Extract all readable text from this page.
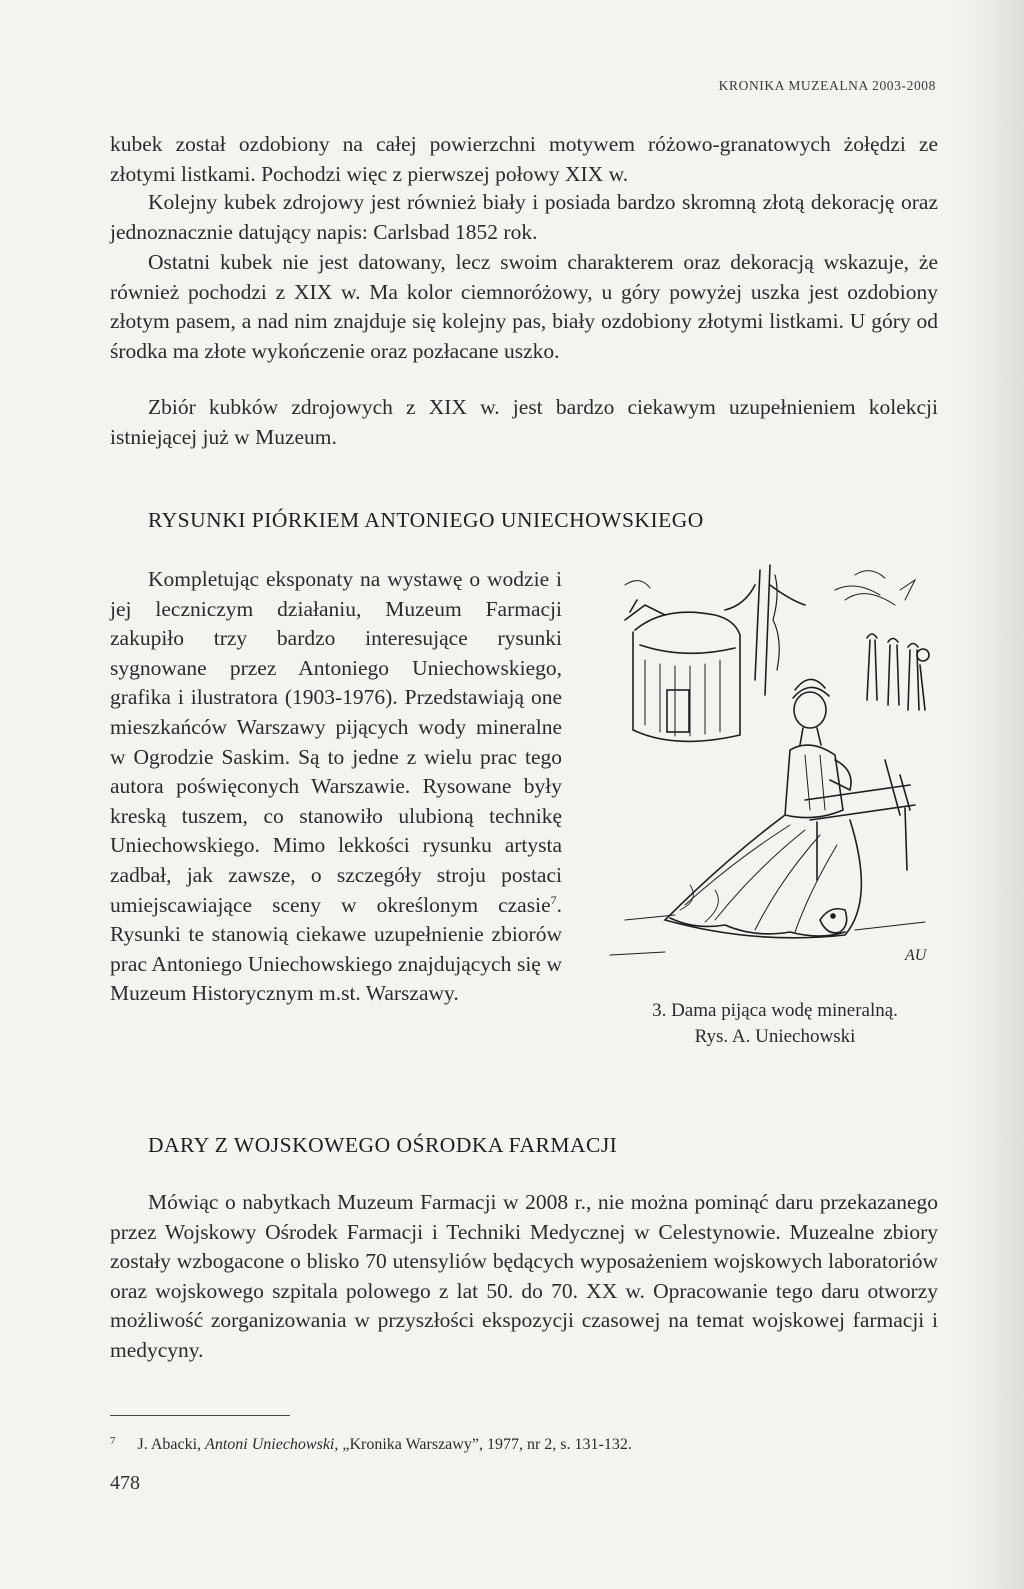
KRONIKA MUZEALNA 2003-2008

kubek został ozdobiony na całej powierzchni motywem różowo-granatowych żołędzi ze złotymi listkami. Pochodzi więc z pierwszej połowy XIX w.

Kolejny kubek zdrojowy jest również biały i posiada bardzo skromną złotą dekorację oraz jednoznacznie datujący napis: Carlsbad 1852 rok.

Ostatni kubek nie jest datowany, lecz swoim charakterem oraz dekoracją wskazuje, że również pochodzi z XIX w. Ma kolor ciemnoróżowy, u góry powyżej uszka jest ozdobiony złotym pasem, a nad nim znajduje się kolejny pas, biały ozdobiony złotymi listkami. U góry od środka ma złote wykończenie oraz pozłacane uszko.

Zbiór kubków zdrojowych z XIX w. jest bardzo ciekawym uzupełnieniem kolekcji istniejącej już w Muzeum.

RYSUNKI PIÓRKIEM ANTONIEGO UNIECHOWSKIEGO

Kompletując eksponaty na wystawę o wodzie i jej leczniczym działaniu, Muzeum Farmacji zakupiło trzy bardzo interesujące rysunki sygnowane przez Antoniego Uniechowskiego, grafika i ilustratora (1903-1976). Przedstawiają one mieszkańców Warszawy pijących wody mineralne w Ogrodzie Saskim. Są to jedne z wielu prac tego autora poświęconych Warszawie. Rysowane były kreską tuszem, co stanowiło ulubioną technikę Uniechowskiego. Mimo lekkości rysunku artysta zadbał, jak zawsze, o szczegóły stroju postaci umiejscawiające sceny w określonym czasie$^7$. Rysunki te stanowią ciekawe uzupełnienie zbiorów prac Antoniego Uniechowskiego znajdujących się w Muzeum Historycznym m.st. Warszawy.

AU
3. Dama pijąca wodę mineralną.
Rys. A. Uniechowski
DARY Z WOJSKOWEGO OŚRODKA FARMACJI

Mówiąc o nabytkach Muzeum Farmacji w 2008 r., nie można pominąć daru przekazanego przez Wojskowy Ośrodek Farmacji i Techniki Medycznej w Celestynowie. Muzealne zbiory zostały wzbogacone o blisko 70 utensyliów będących wyposażeniem wojskowych laboratoriów oraz wojskowego szpitala polowego z lat 50. do 70. XX w. Opracowanie tego daru otworzy możliwość zorganizowania w przyszłości ekspozycji czasowej na temat wojskowej farmacji i medycyny.

$^7$ J. Abacki, Antoni Uniechowski, „Kronika Warszawy”, 1977, nr 2, s. 131-132.
478
